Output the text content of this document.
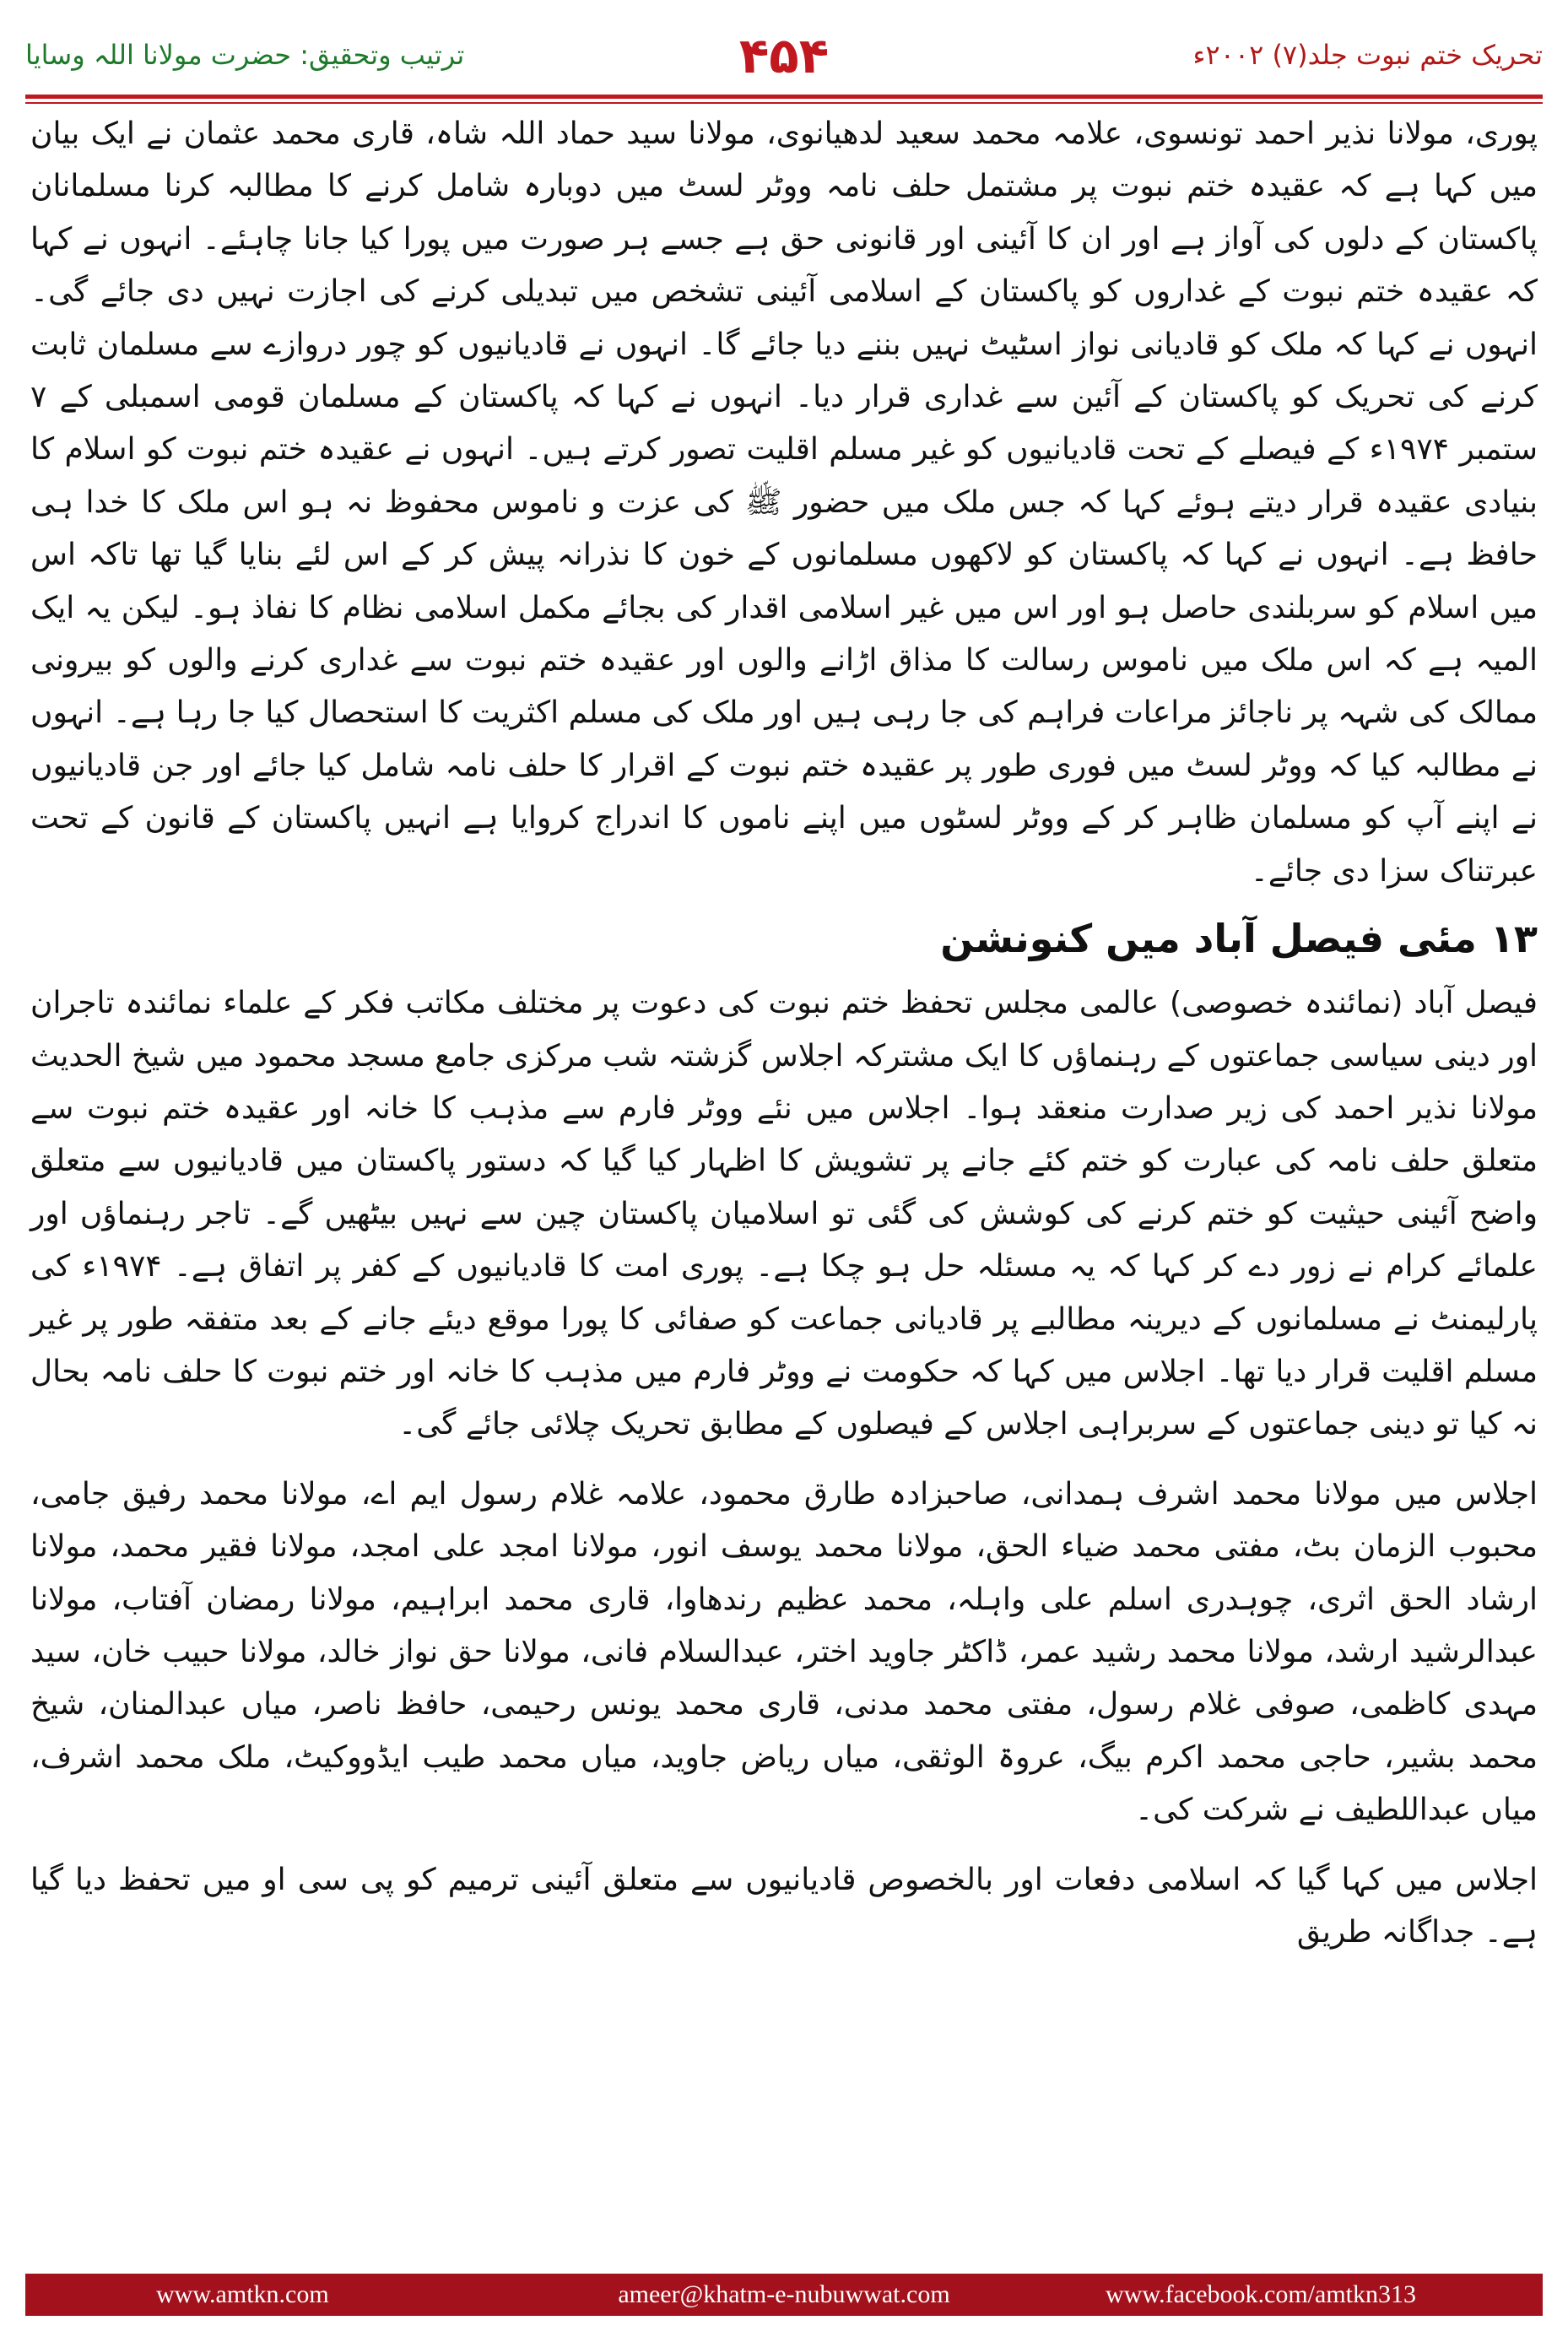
ترتیب وتحقیق: حضرت مولانا اللہ وسایا	۴۵۴	تحریک ختم نبوت جلد(۷) ۲۰۰۲ء

پوری، مولانا نذیر احمد تونسوی، علامہ محمد سعید لدھیانوی، مولانا سید حماد اللہ شاہ، قاری محمد عثمان نے ایک بیان میں کہا ہے کہ عقیدہ ختم نبوت پر مشتمل حلف نامہ ووٹر لسٹ میں دوبارہ شامل کرنے کا مطالبہ کرنا مسلمانان پاکستان کے دلوں کی آواز ہے اور ان کا آئینی اور قانونی حق ہے جسے ہر صورت میں پورا کیا جانا چاہئے۔ انہوں نے کہا کہ عقیدہ ختم نبوت کے غداروں کو پاکستان کے اسلامی آئینی تشخص میں تبدیلی کرنے کی اجازت نہیں دی جائے گی۔ انہوں نے کہا کہ ملک کو قادیانی نواز اسٹیٹ نہیں بننے دیا جائے گا۔ انہوں نے قادیانیوں کو چور دروازے سے مسلمان ثابت کرنے کی تحریک کو پاکستان کے آئین سے غداری قرار دیا۔ انہوں نے کہا کہ پاکستان کے مسلمان قومی اسمبلی کے ۷ ستمبر ۱۹۷۴ء کے فیصلے کے تحت قادیانیوں کو غیر مسلم اقلیت تصور کرتے ہیں۔ انہوں نے عقیدہ ختم نبوت کو اسلام کا بنیادی عقیدہ قرار دیتے ہوئے کہا کہ جس ملک میں حضور ﷺ کی عزت و ناموس محفوظ نہ ہو اس ملک کا خدا ہی حافظ ہے۔ انہوں نے کہا کہ پاکستان کو لاکھوں مسلمانوں کے خون کا نذرانہ پیش کر کے اس لئے بنایا گیا تھا تاکہ اس میں اسلام کو سربلندی حاصل ہو اور اس میں غیر اسلامی اقدار کی بجائے مکمل اسلامی نظام کا نفاذ ہو۔ لیکن یہ ایک المیہ ہے کہ اس ملک میں ناموس رسالت کا مذاق اڑانے والوں اور عقیدہ ختم نبوت سے غداری کرنے والوں کو بیرونی ممالک کی شہہ پر ناجائز مراعات فراہم کی جا رہی ہیں اور ملک کی مسلم اکثریت کا استحصال کیا جا رہا ہے۔ انہوں نے مطالبہ کیا کہ ووٹر لسٹ میں فوری طور پر عقیدہ ختم نبوت کے اقرار کا حلف نامہ شامل کیا جائے اور جن قادیانیوں نے اپنے آپ کو مسلمان ظاہر کر کے ووٹر لسٹوں میں اپنے ناموں کا اندراج کروایا ہے انہیں پاکستان کے قانون کے تحت عبرتناک سزا دی جائے۔

۱۳ مئی فیصل آباد میں کنونشن

فیصل آباد (نمائندہ خصوصی) عالمی مجلس تحفظ ختم نبوت کی دعوت پر مختلف مکاتب فکر کے علماء نمائندہ تاجران اور دینی سیاسی جماعتوں کے رہنماؤں کا ایک مشترکہ اجلاس گزشتہ شب مرکزی جامع مسجد محمود میں شیخ الحدیث مولانا نذیر احمد کی زیر صدارت منعقد ہوا۔ اجلاس میں نئے ووٹر فارم سے مذہب کا خانہ اور عقیدہ ختم نبوت سے متعلق حلف نامہ کی عبارت کو ختم کئے جانے پر تشویش کا اظہار کیا گیا کہ دستور پاکستان میں قادیانیوں سے متعلق واضح آئینی حیثیت کو ختم کرنے کی کوشش کی گئی تو اسلامیان پاکستان چین سے نہیں بیٹھیں گے۔ تاجر رہنماؤں اور علمائے کرام نے زور دے کر کہا کہ یہ مسئلہ حل ہو چکا ہے۔ پوری امت کا قادیانیوں کے کفر پر اتفاق ہے۔ ۱۹۷۴ء کی پارلیمنٹ نے مسلمانوں کے دیرینہ مطالبے پر قادیانی جماعت کو صفائی کا پورا موقع دیئے جانے کے بعد متفقہ طور پر غیر مسلم اقلیت قرار دیا تھا۔ اجلاس میں کہا کہ حکومت نے ووٹر فارم میں مذہب کا خانہ اور ختم نبوت کا حلف نامہ بحال نہ کیا تو دینی جماعتوں کے سربراہی اجلاس کے فیصلوں کے مطابق تحریک چلائی جائے گی۔

اجلاس میں مولانا محمد اشرف ہمدانی، صاحبزادہ طارق محمود، علامہ غلام رسول ایم اے، مولانا محمد رفیق جامی، محبوب الزمان بٹ، مفتی محمد ضیاء الحق، مولانا محمد یوسف انور، مولانا امجد علی امجد، مولانا فقیر محمد، مولانا ارشاد الحق اثری، چوہدری اسلم علی واہلہ، محمد عظیم رندھاوا، قاری محمد ابراہیم، مولانا رمضان آفتاب، مولانا عبدالرشید ارشد، مولانا محمد رشید عمر، ڈاکٹر جاوید اختر، عبدالسلام فانی، مولانا حق نواز خالد، مولانا حبیب خان، سید مہدی کاظمی، صوفی غلام رسول، مفتی محمد مدنی، قاری محمد یونس رحیمی، حافظ ناصر، میاں عبدالمنان، شیخ محمد بشیر، حاجی محمد اکرم بیگ، عروۃ الوثقی، میاں ریاض جاوید، میاں محمد طیب ایڈووکیٹ، ملک محمد اشرف، میاں عبداللطیف نے شرکت کی۔

اجلاس میں کہا گیا کہ اسلامی دفعات اور بالخصوص قادیانیوں سے متعلق آئینی ترمیم کو پی سی او میں تحفظ دیا گیا ہے۔ جداگانہ طریق

www.amtkn.com	ameer@khatm-e-nubuwwat.com	www.facebook.com/amtkn313
